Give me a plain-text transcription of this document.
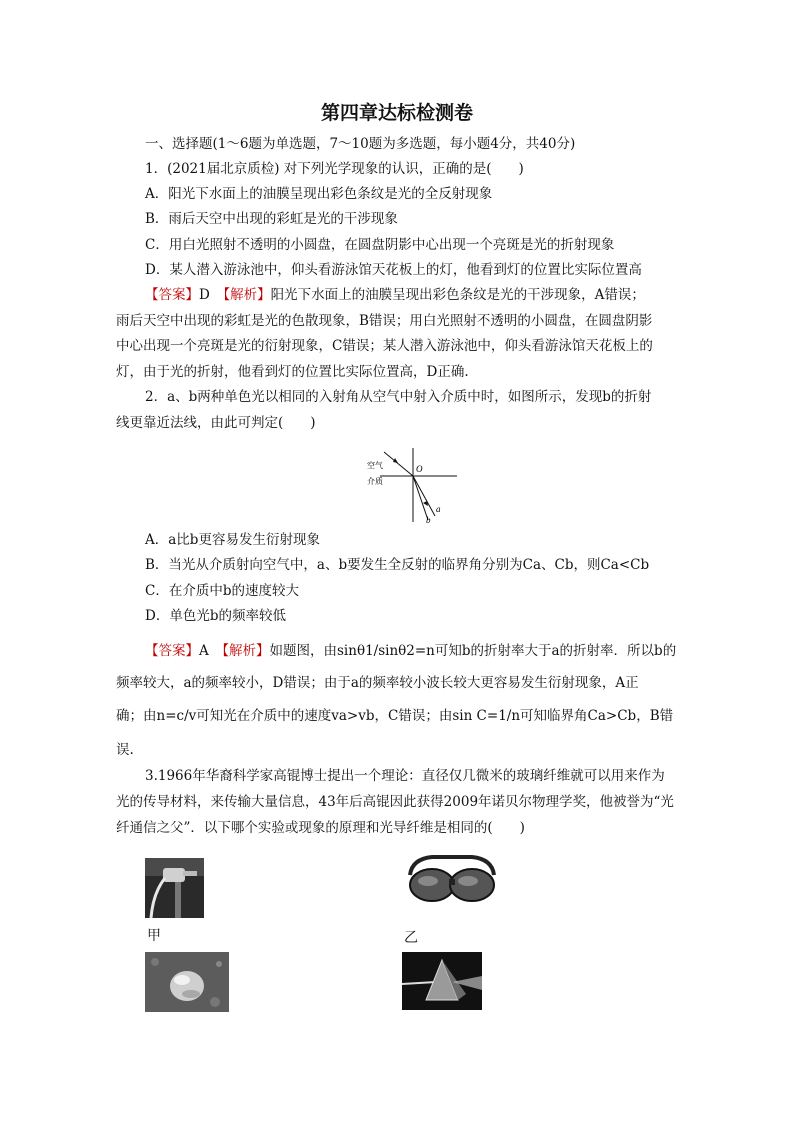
第四章达标检测卷
一、选择题(1～6题为单选题，7～10题为多选题，每小题4分，共40分)
1．(2021届北京质检) 对下列光学现象的认识，正确的是(　　)
A．阳光下水面上的油膜呈现出彩色条纹是光的全反射现象
B．雨后天空中出现的彩虹是光的干涉现象
C．用白光照射不透明的小圆盘，在圆盘阴影中心出现一个亮斑是光的折射现象
D．某人潜入游泳池中，仰头看游泳馆天花板上的灯，他看到灯的位置比实际位置高
【答案】D　 【解析】阳光下水面上的油膜呈现出彩色条纹是光的干涉现象，A错误；
雨后天空中出现的彩虹是光的色散现象，B错误；用白光照射不透明的小圆盘，在圆盘阴影
中心出现一个亮斑是光的衍射现象，C错误；某人潜入游泳池中，仰头看游泳馆天花板上的
灯，由于光的折射，他看到灯的位置比实际位置高，D正确.
2．a、b两种单色光以相同的入射角从空气中射入介质中时，如图所示，发现b的折射
线更靠近法线，由此可判定(　　)
空气
介质
O
a
b
A．a比b更容易发生衍射现象
B．当光从介质射向空气中，a、b要发生全反射的临界角分别为Ca、Cb，则Ca<Cb
C．在介质中b的速度较大
D．单色光b的频率较低
【答案】A　 【解析】如题图，由sinθ1/sinθ2=n可知b的折射率大于a的折射率．所以b的
频率较大，a的频率较小，D错误；由于a的频率较小波长较大更容易发生衍射现象，A正
确；由n=c/v可知光在介质中的速度va>vb，C错误；由sin C=1/n可知临界角Ca>Cb，B错
误.
3.1966年华裔科学家高锟博士提出一个理论：直径仅几微米的玻璃纤维就可以用来作为
光的传导材料，来传输大量信息，43年后高锟因此获得2009年诺贝尔物理学奖，他被誉为“光
纤通信之父”．以下哪个实验或现象的原理和光导纤维是相同的(　　)
甲	乙
